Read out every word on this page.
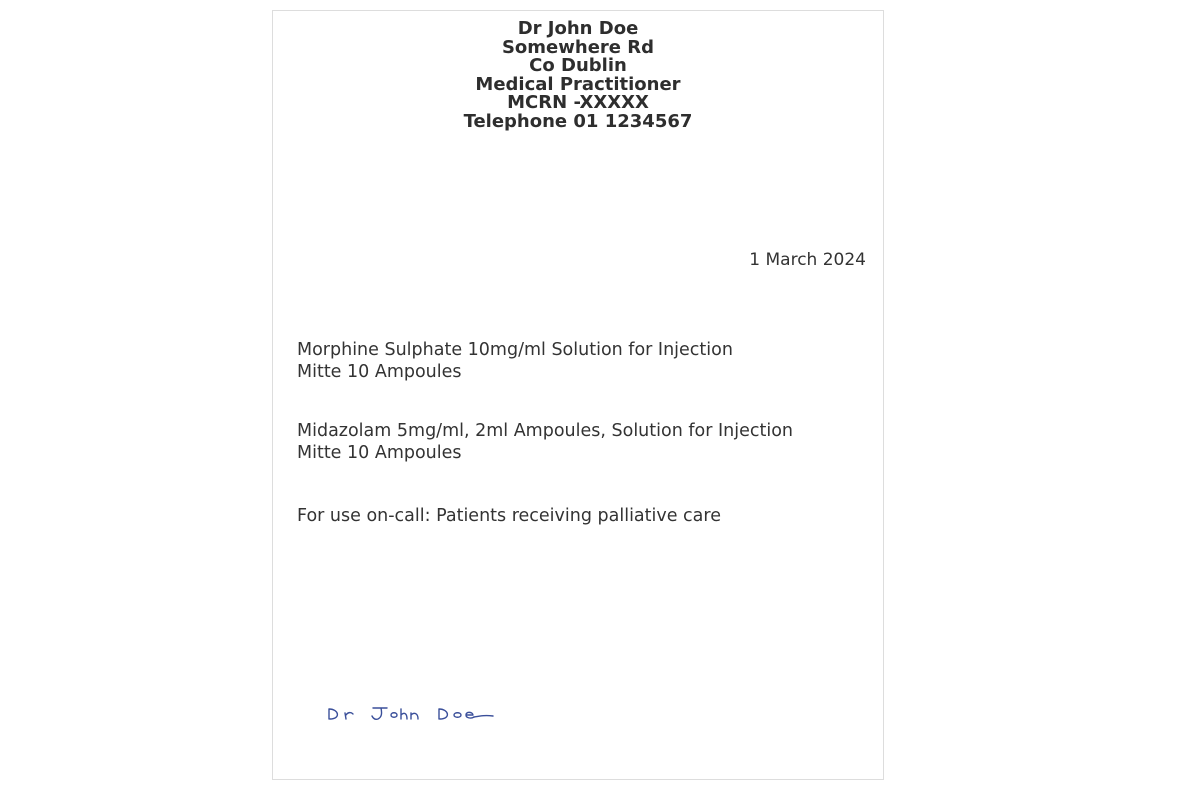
Dr John Doe
Somewhere Rd
Co Dublin
Medical Practitioner
MCRN -XXXXX
Telephone 01 1234567
1 March 2024
Morphine Sulphate 10mg/ml Solution for Injection
Mitte 10 Ampoules
Midazolam 5mg/ml, 2ml Ampoules, Solution for Injection
Mitte 10 Ampoules
For use on-call: Patients receiving palliative care
